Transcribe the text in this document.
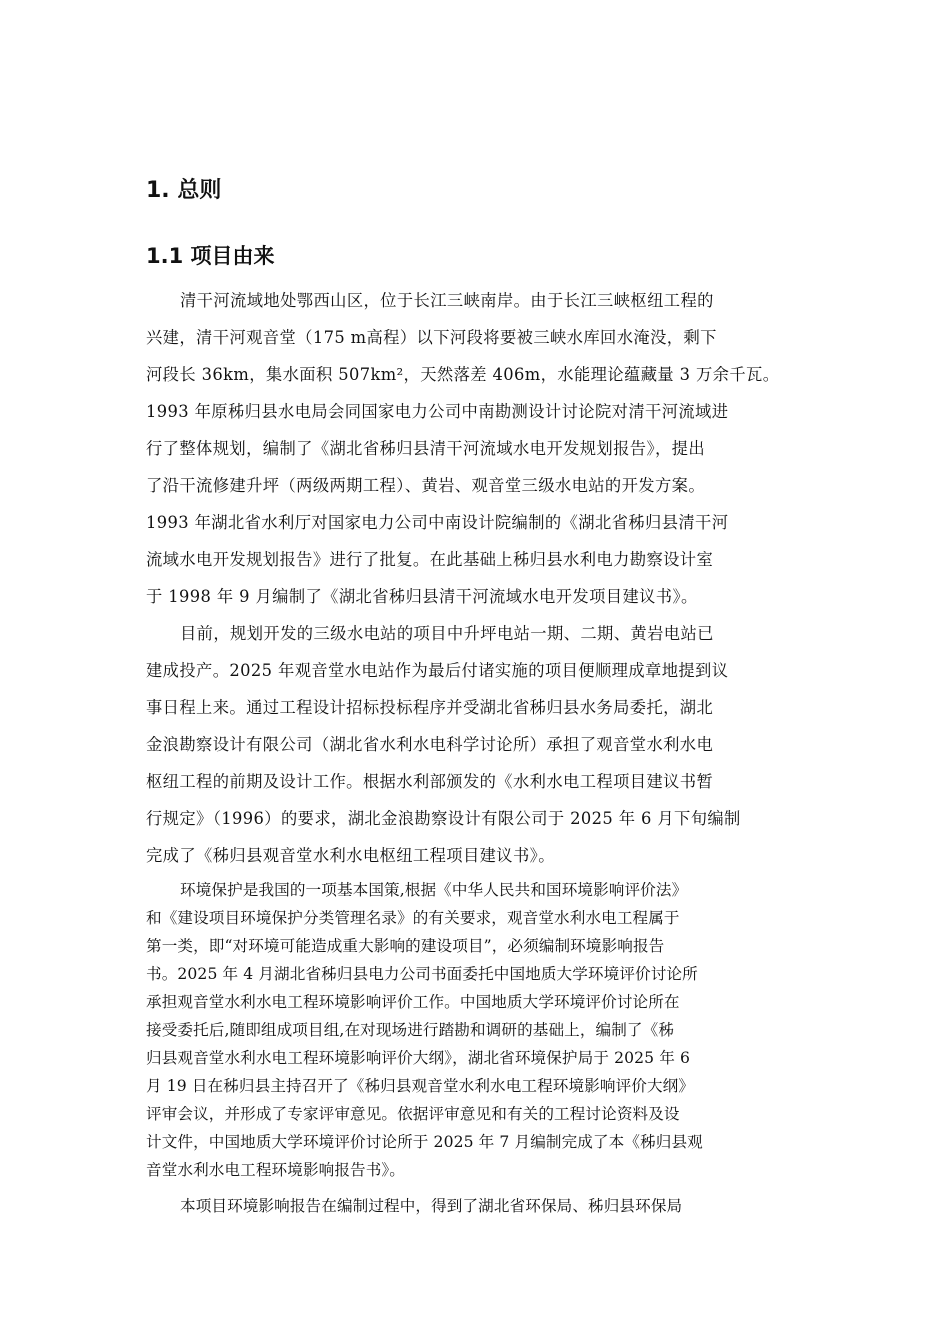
1. 总则
1.1 项目由来
清干河流域地处鄂西山区，位于长江三峡南岸。由于长江三峡枢纽工程的
兴建，清干河观音堂（175 m高程）以下河段将要被三峡水库回水淹没，剩下
河段长 36km，集水面积 507km²，天然落差 406m，水能理论蕴藏量 3 万余千瓦。
1993 年原秭归县水电局会同国家电力公司中南勘测设计讨论院对清干河流域进
行了整体规划，编制了《湖北省秭归县清干河流域水电开发规划报告》，提出
了沿干流修建升坪（两级两期工程）、黄岩、观音堂三级水电站的开发方案。
1993 年湖北省水利厅对国家电力公司中南设计院编制的《湖北省秭归县清干河
流域水电开发规划报告》进行了批复。在此基础上秭归县水利电力勘察设计室
于 1998 年 9 月编制了《湖北省秭归县清干河流域水电开发项目建议书》。
目前，规划开发的三级水电站的项目中升坪电站一期、二期、黄岩电站已
建成投产。2025 年观音堂水电站作为最后付诸实施的项目便顺理成章地提到议
事日程上来。通过工程设计招标投标程序并受湖北省秭归县水务局委托，湖北
金浪勘察设计有限公司（湖北省水利水电科学讨论所）承担了观音堂水利水电
枢纽工程的前期及设计工作。根据水利部颁发的《水利水电工程项目建议书暂
行规定》（1996）的要求，湖北金浪勘察设计有限公司于 2025 年 6 月下旬编制
完成了《秭归县观音堂水利水电枢纽工程项目建议书》。
环境保护是我国的一项基本国策,根据《中华人民共和国环境影响评价法》
和《建设项目环境保护分类管理名录》的有关要求，观音堂水利水电工程属于
第一类，即“对环境可能造成重大影响的建设项目”，必须编制环境影响报告
书。2025 年 4 月湖北省秭归县电力公司书面委托中国地质大学环境评价讨论所
承担观音堂水利水电工程环境影响评价工作。中国地质大学环境评价讨论所在
接受委托后,随即组成项目组,在对现场进行踏勘和调研的基础上，编制了《秭
归县观音堂水利水电工程环境影响评价大纲》，湖北省环境保护局于 2025 年 6
月 19 日在秭归县主持召开了《秭归县观音堂水利水电工程环境影响评价大纲》
评审会议，并形成了专家评审意见。依据评审意见和有关的工程讨论资料及设
计文件，中国地质大学环境评价讨论所于 2025 年 7 月编制完成了本《秭归县观
音堂水利水电工程环境影响报告书》。
本项目环境影响报告在编制过程中，得到了湖北省环保局、秭归县环保局
